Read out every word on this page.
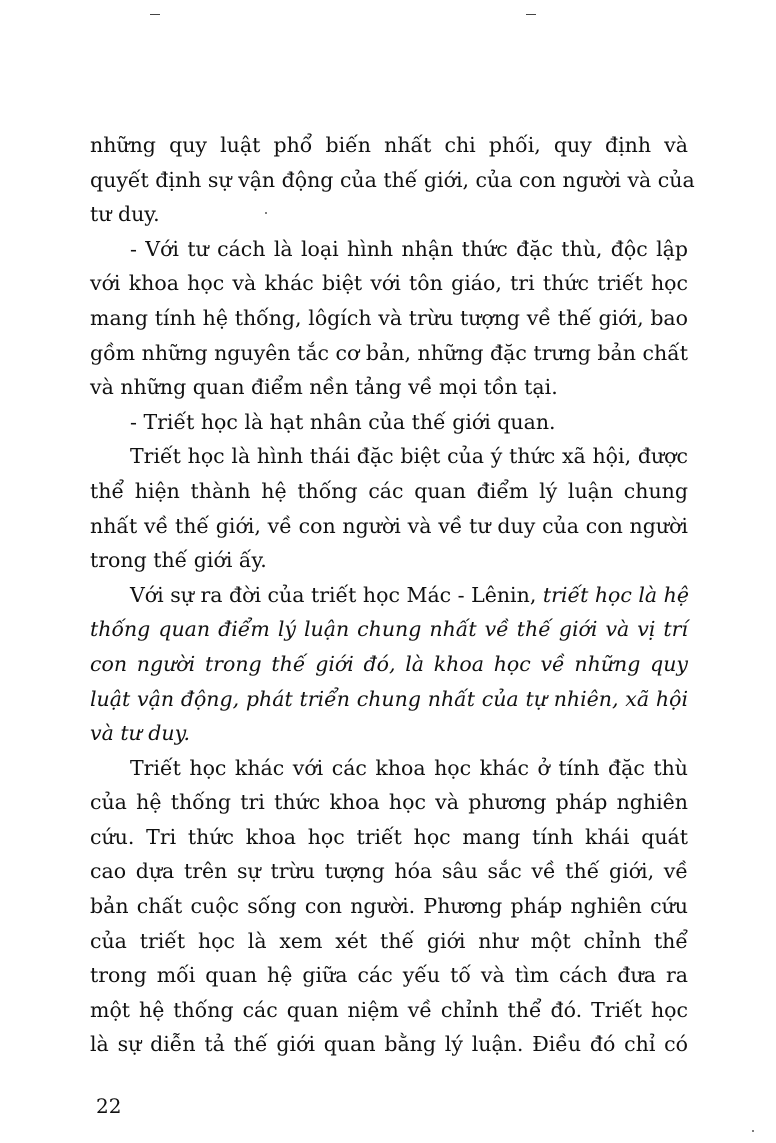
những quy luật phổ biến nhất chi phối, quy định và
quyết định sự vận động của thế giới, của con người và của
tư duy.
- Với tư cách là loại hình nhận thức đặc thù, độc lập
với khoa học và khác biệt với tôn giáo, tri thức triết học
mang tính hệ thống, lôgích và trừu tượng về thế giới, bao
gồm những nguyên tắc cơ bản, những đặc trưng bản chất
và những quan điểm nền tảng về mọi tồn tại.
- Triết học là hạt nhân của thế giới quan.
Triết học là hình thái đặc biệt của ý thức xã hội, được
thể hiện thành hệ thống các quan điểm lý luận chung
nhất về thế giới, về con người và về tư duy của con người
trong thế giới ấy.
Với sự ra đời của triết học Mác - Lênin, triết học là hệ
thống quan điểm lý luận chung nhất về thế giới và vị trí
con người trong thế giới đó, là khoa học về những quy
luật vận động, phát triển chung nhất của tự nhiên, xã hội
và tư duy.
Triết học khác với các khoa học khác ở tính đặc thù
của hệ thống tri thức khoa học và phương pháp nghiên
cứu. Tri thức khoa học triết học mang tính khái quát
cao dựa trên sự trừu tượng hóa sâu sắc về thế giới, về
bản chất cuộc sống con người. Phương pháp nghiên cứu
của triết học là xem xét thế giới như một chỉnh thể
trong mối quan hệ giữa các yếu tố và tìm cách đưa ra
một hệ thống các quan niệm về chỉnh thể đó. Triết học
là sự diễn tả thế giới quan bằng lý luận. Điều đó chỉ có
22
